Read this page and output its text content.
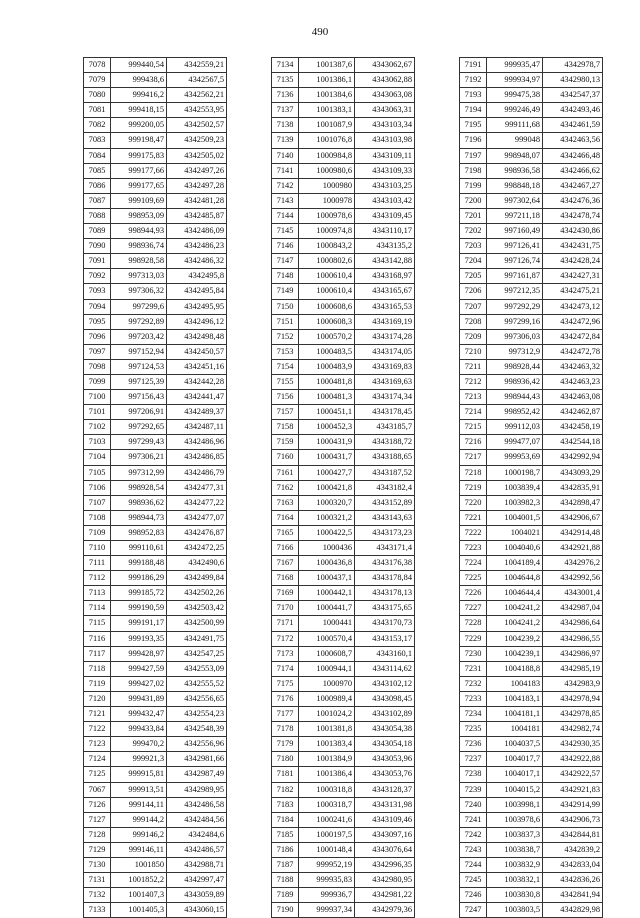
490
7078	999440,54	4342559,21
7079	999438,6	4342567,5
7080	999416,2	4342562,21
7081	999418,15	4342553,95
7082	999200,05	4342502,57
7083	999198,47	4342509,23
7084	999175,83	4342505,02
7085	999177,66	4342497,26
7086	999177,65	4342497,28
7087	999109,69	4342481,28
7088	998953,09	4342485,87
7089	998944,93	4342486,09
7090	998936,74	4342486,23
7091	998928,58	4342486,32
7092	997313,03	4342495,8
7093	997306,32	4342495,84
7094	997299,6	4342495,95
7095	997292,89	4342496,12
7096	997203,42	4342498,48
7097	997152,94	4342450,57
7098	997124,53	4342451,16
7099	997125,39	4342442,28
7100	997156,43	4342441,47
7101	997206,91	4342489,37
7102	997292,65	4342487,11
7103	997299,43	4342486,96
7104	997306,21	4342486,85
7105	997312,99	4342486,79
7106	998928,54	4342477,31
7107	998936,62	4342477,22
7108	998944,73	4342477,07
7109	998952,83	4342476,87
7110	999110,61	4342472,25
7111	999188,48	4342490,6
7112	999186,29	4342499,84
7113	999185,72	4342502,26
7114	999190,59	4342503,42
7115	999191,17	4342500,99
7116	999193,35	4342491,75
7117	999428,97	4342547,25
7118	999427,59	4342553,09
7119	999427,02	4342555,52
7120	999431,89	4342556,65
7121	999432,47	4342554,23
7122	999433,84	4342548,39
7123	999470,2	4342556,96
7124	999921,3	4342981,66
7125	999915,81	4342987,49
7067	999913,51	4342989,95
7126	999144,11	4342486,58
7127	999144,2	4342484,56
7128	999146,2	4342484,6
7129	999146,11	4342486,57
7130	1001850	4342988,71
7131	1001852,2	4342997,47
7132	1001407,3	4343059,89
7133	1001405,3	4343060,15
7134	1001387,6	4343062,67
7135	1001386,1	4343062,88
7136	1001384,6	4343063,08
7137	1001383,1	4343063,31
7138	1001087,9	4343103,34
7139	1001076,8	4343103,98
7140	1000984,8	4343109,11
7141	1000980,6	4343109,33
7142	1000980	4343103,25
7143	1000978	4343103,42
7144	1000978,6	4343109,45
7145	1000974,8	4343110,17
7146	1000843,2	4343135,2
7147	1000802,6	4343142,88
7148	1000610,4	4343168,97
7149	1000610,4	4343165,67
7150	1000608,6	4343165,53
7151	1000608,3	4343169,19
7152	1000570,2	4343174,28
7153	1000483,5	4343174,05
7154	1000483,9	4343169,83
7155	1000481,8	4343169,63
7156	1000481,3	4343174,34
7157	1000451,1	4343178,45
7158	1000452,3	4343185,7
7159	1000431,9	4343188,72
7160	1000431,7	4343188,65
7161	1000427,7	4343187,52
7162	1000421,8	4343182,4
7163	1000320,7	4343152,89
7164	1000321,2	4343143,63
7165	1000422,5	4343173,23
7166	1000436	4343171,4
7167	1000436,8	4343176,38
7168	1000437,1	4343178,84
7169	1000442,1	4343178,13
7170	1000441,7	4343175,65
7171	1000441	4343170,73
7172	1000570,4	4343153,17
7173	1000608,7	4343160,1
7174	1000944,1	4343114,62
7175	1000970	4343102,12
7176	1000989,4	4343098,45
7177	1001024,2	4343102,89
7178	1001381,8	4343054,38
7179	1001383,4	4343054,18
7180	1001384,9	4343053,96
7181	1001386,4	4343053,76
7182	1000318,8	4343128,37
7183	1000318,7	4343131,98
7184	1000241,6	4343109,46
7185	1000197,5	4343097,16
7186	1000148,4	4343076,64
7187	999952,19	4342996,35
7188	999935,83	4342980,95
7189	999936,7	4342981,22
7190	999937,34	4342979,36
7191	999935,47	4342978,7
7192	999934,97	4342980,13
7193	999475,38	4342547,37
7194	999246,49	4342493,46
7195	999111,68	4342461,59
7196	999048	4342463,56
7197	998948,07	4342466,48
7198	998936,58	4342466,62
7199	998848,18	4342467,27
7200	997302,64	4342476,36
7201	997211,18	4342478,74
7202	997160,49	4342430,86
7203	997126,41	4342431,75
7204	997126,74	4342428,24
7205	997161,87	4342427,31
7206	997212,35	4342475,21
7207	997292,29	4342473,12
7208	997299,16	4342472,96
7209	997306,03	4342472,84
7210	997312,9	4342472,78
7211	998928,44	4342463,32
7212	998936,42	4342463,23
7213	998944,43	4342463,08
7214	998952,42	4342462,87
7215	999112,03	4342458,19
7216	999477,07	4342544,18
7217	999953,69	4342992,94
7218	1000198,7	4343093,29
7219	1003839,4	4342835,91
7220	1003982,3	4342898,47
7221	1004001,5	4342906,67
7222	1004021	4342914,48
7223	1004040,6	4342921,88
7224	1004189,4	4342976,2
7225	1004644,8	4342992,56
7226	1004644,4	4343001,4
7227	1004241,2	4342987,04
7228	1004241,2	4342986,64
7229	1004239,2	4342986,55
7230	1004239,1	4342986,97
7231	1004188,8	4342985,19
7232	1004183	4342983,9
7233	1004183,1	4342978,94
7234	1004181,1	4342978,85
7235	1004181	4342982,74
7236	1004037,5	4342930,35
7237	1004017,7	4342922,88
7238	1004017,1	4342922,57
7239	1004015,2	4342921,83
7240	1003998,1	4342914,99
7241	1003978,6	4342906,73
7242	1003837,3	4342844,81
7243	1003838,7	4342839,2
7244	1003832,9	4342833,04
7245	1003832,1	4342836,26
7246	1003830,8	4342841,94
7247	1003803,5	4342829,98
